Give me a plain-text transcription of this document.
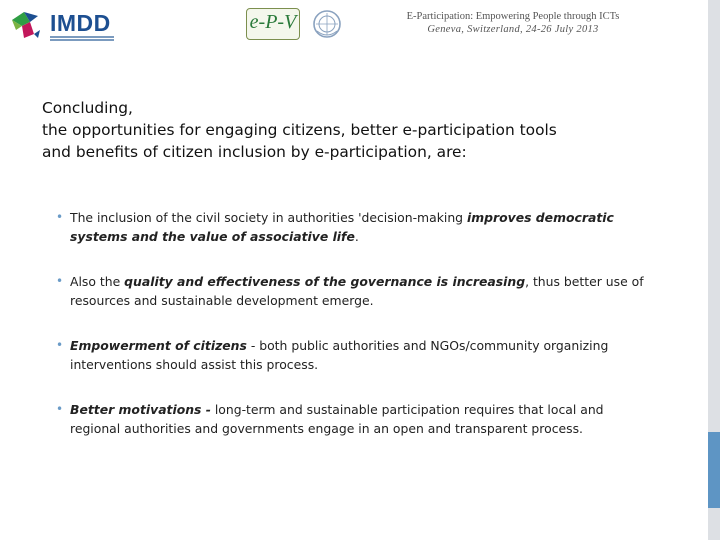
IMDD	e-P-V	E-Participation: Empowering People through ICTs
Geneva, Switzerland, 24-26 July 2013
Concluding,
the opportunities for engaging citizens, better e-participation tools
and benefits of citizen inclusion by e-participation, are:
• The inclusion of the civil society in authorities 'decision-making improves democratic systems and the value of associative life.
• Also the quality and effectiveness of the governance is increasing, thus better use of resources and sustainable development emerge.
• Empowerment of citizens - both public authorities and NGOs/community organizing interventions should assist this process.
• Better motivations - long-term and sustainable participation requires that local and regional authorities and governments engage in an open and transparent process.
